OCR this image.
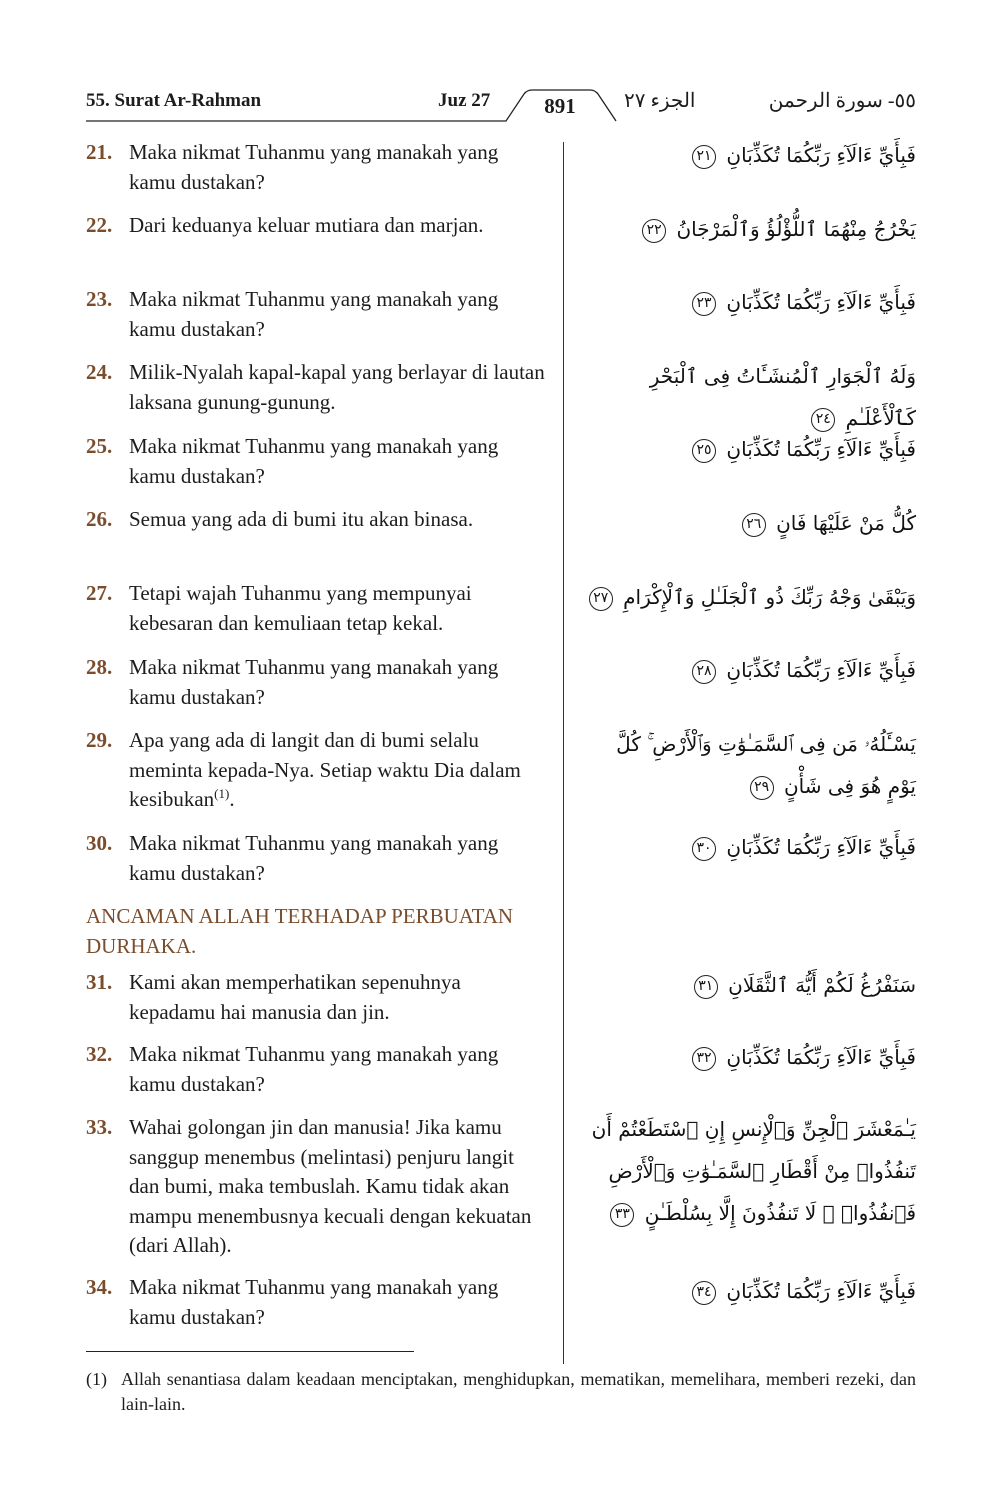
55. Surat Ar-Rahman	Juz 27	891	الجزء ٢٧	٥٥- سورة الرحمن
21. Maka nikmat Tuhanmu yang manakah yang kamu dustakan?
فَبِأَيِّ ءَالَآءِ رَبِّكُمَا تُكَذِّبَانِ ٢١
22. Dari keduanya keluar mutiara dan marjan.	يَخْرُجُ مِنْهُمَا ٱللُّؤْلُؤُ وَٱلْمَرْجَانُ ٢٢
23. Maka nikmat Tuhanmu yang manakah yang kamu dustakan?
فَبِأَيِّ ءَالَآءِ رَبِّكُمَا تُكَذِّبَانِ ٢٣
24. Milik-Nyalah kapal-kapal yang berlayar di lautan laksana gunung-gunung.
وَلَهُ ٱلْجَوَارِ ٱلْمُنشَـَٔاتُ فِى ٱلْبَحْرِ كَٱلْأَعْلَـٰمِ ٢٤
25. Maka nikmat Tuhanmu yang manakah yang kamu dustakan?
فَبِأَيِّ ءَالَآءِ رَبِّكُمَا تُكَذِّبَانِ ٢٥
26. Semua yang ada di bumi itu akan binasa.	كُلُّ مَنْ عَلَيْهَا فَانٍ ٢٦
27. Tetapi wajah Tuhanmu yang mempunyai kebesaran dan kemuliaan tetap kekal.
وَيَبْقَىٰ وَجْهُ رَبِّكَ ذُو ٱلْجَلَـٰلِ وَٱلْإِكْرَامِ ٢٧
28. Maka nikmat Tuhanmu yang manakah yang kamu dustakan?
فَبِأَيِّ ءَالَآءِ رَبِّكُمَا تُكَذِّبَانِ ٢٨
29. Apa yang ada di langit dan di bumi selalu meminta kepada-Nya. Setiap waktu Dia dalam kesibukan$^{(1)}$.
يَسْـَٔلُهُۥ مَن فِى ٱلسَّمَـٰوَٰتِ وَٱلْأَرْضِ ۚ كُلَّ يَوْمٍ هُوَ فِى شَأْنٍ ٢٩
30. Maka nikmat Tuhanmu yang manakah yang kamu dustakan?
فَبِأَيِّ ءَالَآءِ رَبِّكُمَا تُكَذِّبَانِ ٣٠
ANCAMAN ALLAH TERHADAP PERBUATAN DURHAKA.
31. Kami akan memperhatikan sepenuhnya kepadamu hai manusia dan jin.
سَنَفْرُغُ لَكُمْ أَيُّهَ ٱلثَّقَلَانِ ٣١
32. Maka nikmat Tuhanmu yang manakah yang kamu dustakan?
فَبِأَيِّ ءَالَآءِ رَبِّكُمَا تُكَذِّبَانِ ٣٢
33. Wahai golongan jin dan manusia! Jika kamu sanggup menembus (melintasi) penjuru langit dan bumi, maka tembuslah. Kamu tidak akan mampu menembusnya kecuali dengan kekuatan (dari Allah).
يَـٰمَعْشَرَ ٱلْجِنِّ وَٱلْإِنسِ إِنِ ٱسْتَطَعْتُمْ أَن تَنفُذُوا۟ مِنْ أَقْطَارِ ٱلسَّمَـٰوَٰتِ وَٱلْأَرْضِ فَٱنفُذُوا۟ ۚ لَا تَنفُذُونَ إِلَّا بِسُلْطَـٰنٍ ٣٣
34. Maka nikmat Tuhanmu yang manakah yang kamu dustakan?
فَبِأَيِّ ءَالَآءِ رَبِّكُمَا تُكَذِّبَانِ ٣٤
(1) Allah senantiasa dalam keadaan menciptakan, menghidupkan, mematikan, memelihara, memberi rezeki, dan lain-lain.
